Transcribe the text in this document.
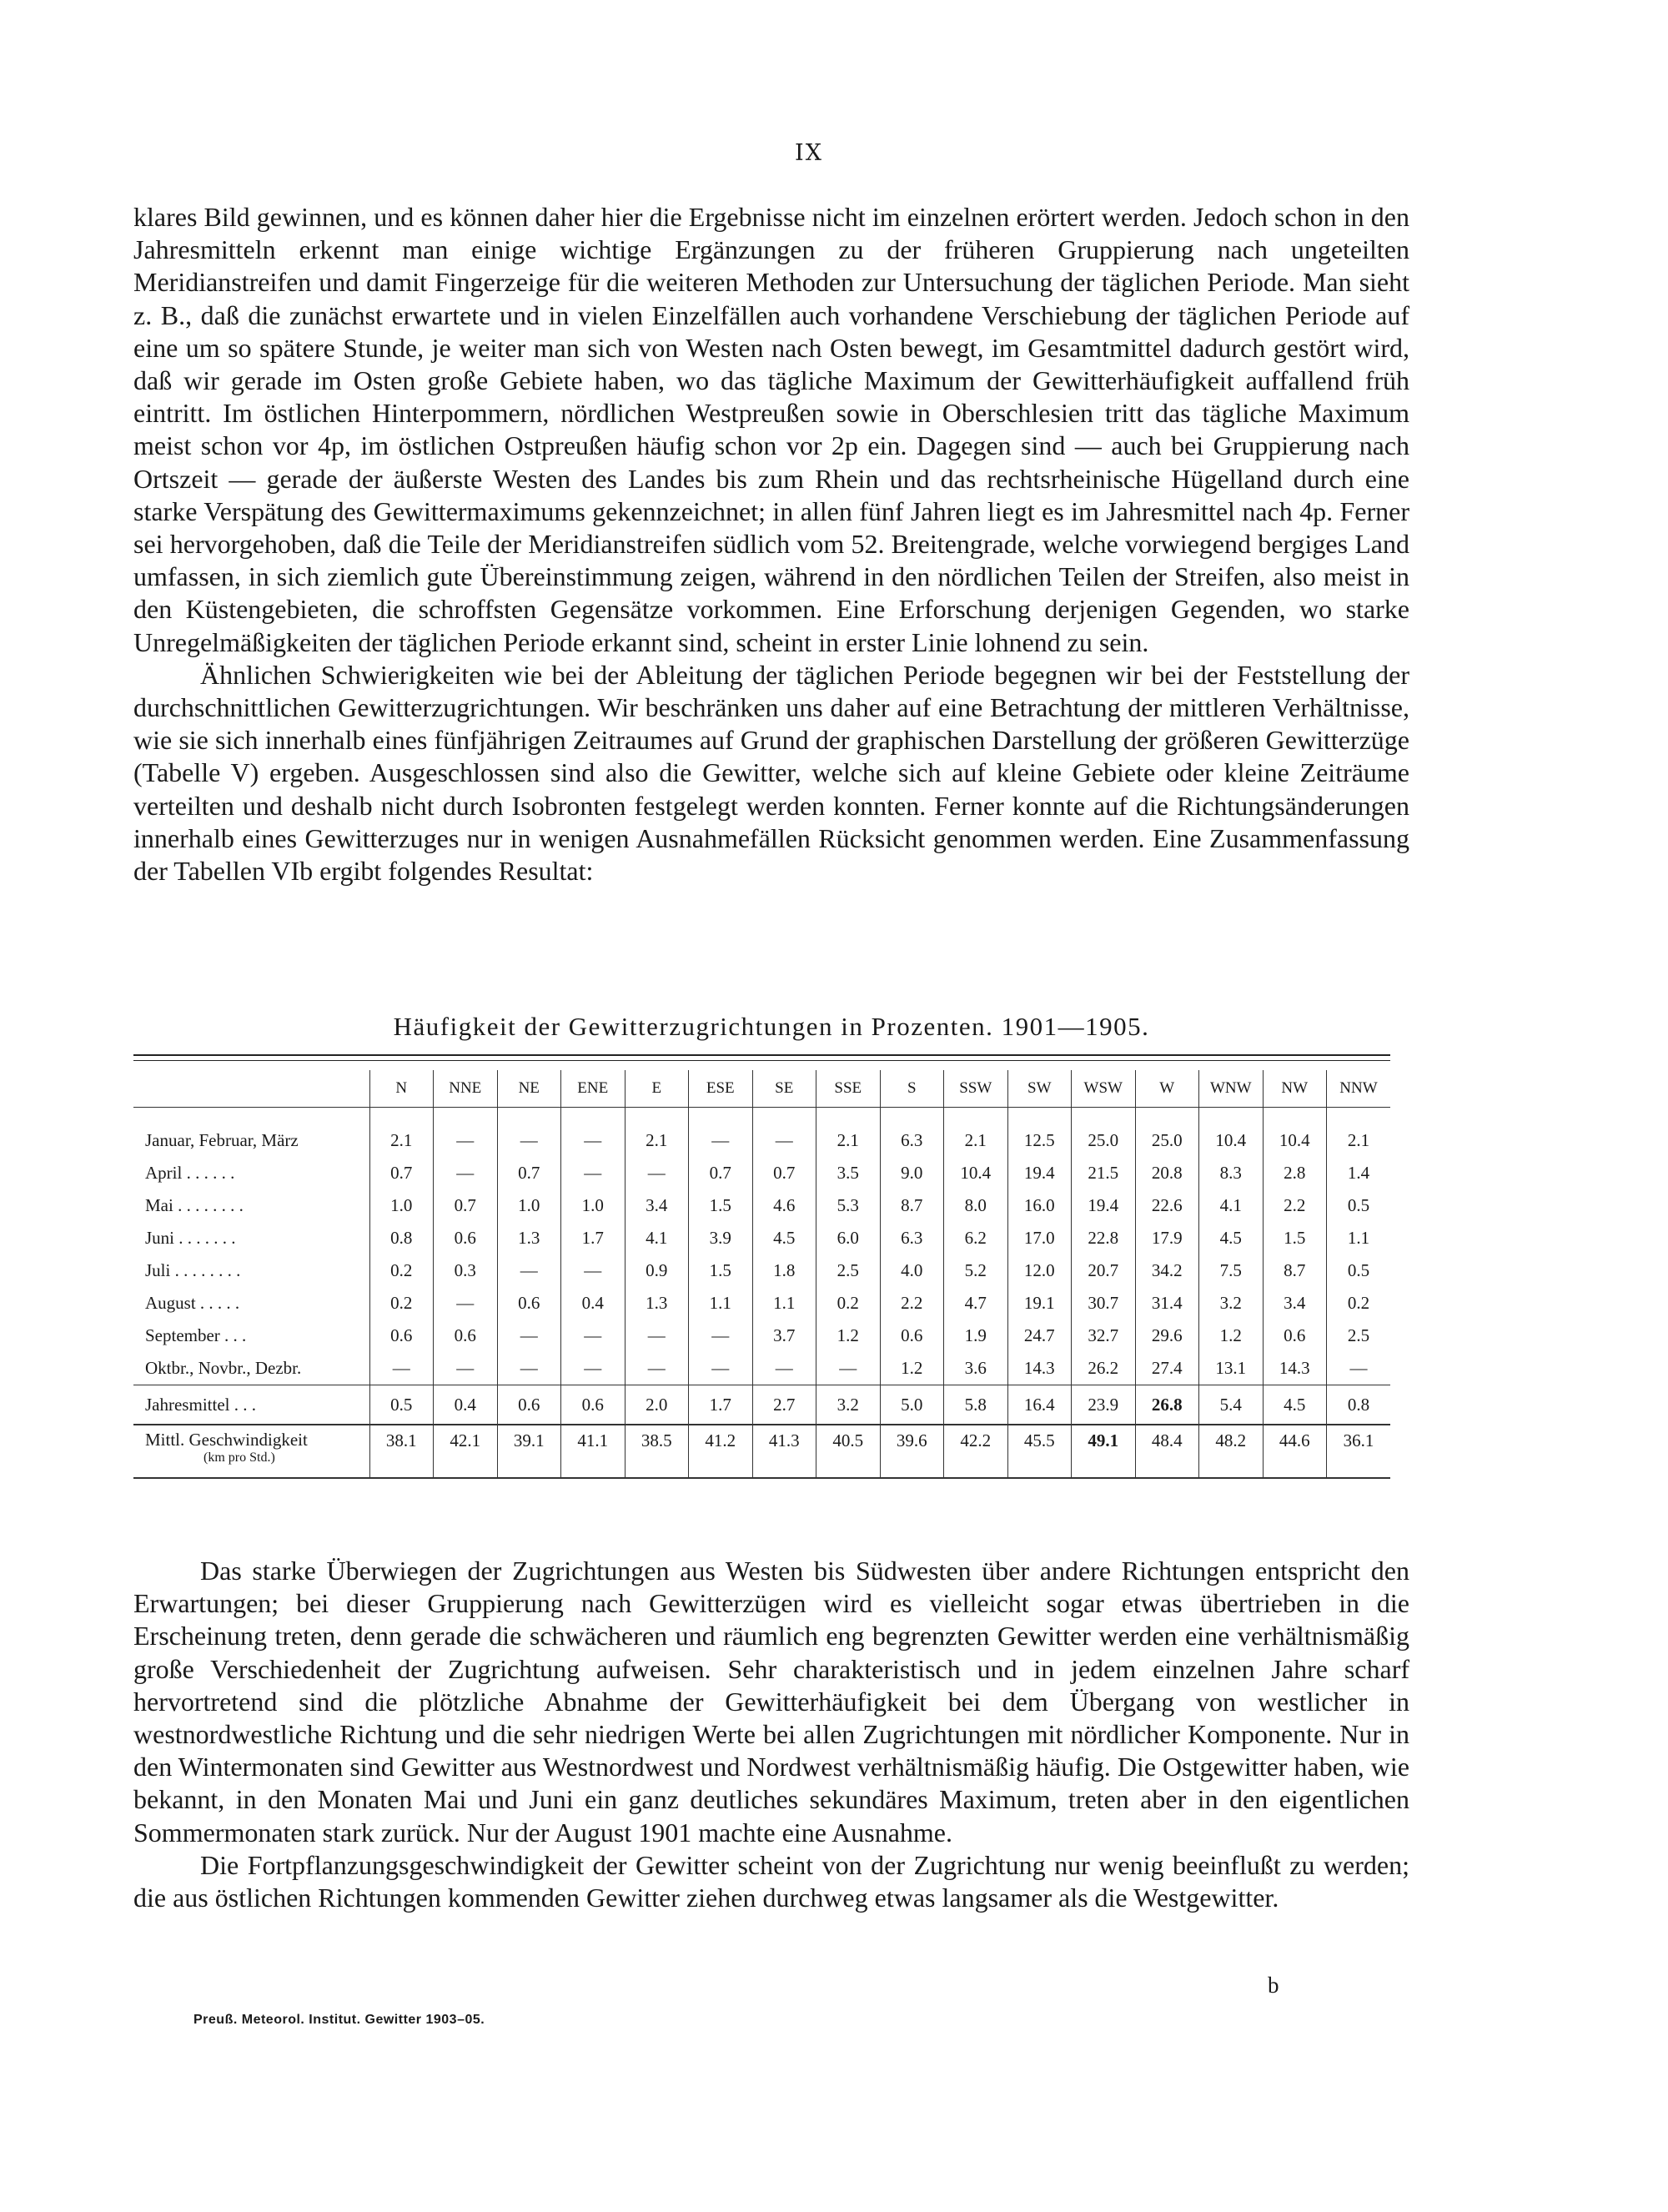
IX

klares Bild gewinnen, und es können daher hier die Ergebnisse nicht im einzelnen erörtert werden. Jedoch schon in den Jahresmitteln erkennt man einige wichtige Ergänzungen zu der früheren Gruppierung nach ungeteilten Meridianstreifen und damit Fingerzeige für die weiteren Methoden zur Untersuchung der täglichen Periode. Man sieht z. B., daß die zunächst erwartete und in vielen Einzelfällen auch vorhandene Verschiebung der täglichen Periode auf eine um so spätere Stunde, je weiter man sich von Westen nach Osten bewegt, im Gesamtmittel dadurch gestört wird, daß wir gerade im Osten große Gebiete haben, wo das tägliche Maximum der Gewitterhäufigkeit auffallend früh eintritt. Im östlichen Hinterpommern, nördlichen Westpreußen sowie in Oberschlesien tritt das tägliche Maximum meist schon vor 4p, im östlichen Ostpreußen häufig schon vor 2p ein. Dagegen sind — auch bei Gruppierung nach Ortszeit — gerade der äußerste Westen des Landes bis zum Rhein und das rechtsrheinische Hügelland durch eine starke Verspätung des Gewittermaximums gekennzeichnet; in allen fünf Jahren liegt es im Jahresmittel nach 4p. Ferner sei hervorgehoben, daß die Teile der Meridianstreifen südlich vom 52. Breitengrade, welche vorwiegend bergiges Land umfassen, in sich ziemlich gute Übereinstimmung zeigen, während in den nördlichen Teilen der Streifen, also meist in den Küstengebieten, die schroffsten Gegensätze vorkommen. Eine Erforschung derjenigen Gegenden, wo starke Unregelmäßigkeiten der täglichen Periode erkannt sind, scheint in erster Linie lohnend zu sein.

Ähnlichen Schwierigkeiten wie bei der Ableitung der täglichen Periode begegnen wir bei der Feststellung der durchschnittlichen Gewitterzugrichtungen. Wir beschränken uns daher auf eine Betrachtung der mittleren Verhältnisse, wie sie sich innerhalb eines fünfjährigen Zeitraumes auf Grund der graphischen Darstellung der größeren Gewitterzüge (Tabelle V) ergeben. Ausgeschlossen sind also die Gewitter, welche sich auf kleine Gebiete oder kleine Zeiträume verteilten und deshalb nicht durch Isobronten festgelegt werden konnten. Ferner konnte auf die Richtungsänderungen innerhalb eines Gewitterzuges nur in wenigen Ausnahmefällen Rücksicht genommen werden. Eine Zusammenfassung der Tabellen VIb ergibt folgendes Resultat:

Häufigkeit der Gewitterzugrichtungen in Prozenten. 1901—1905.
	N	NNE	NE	ENE	E	ESE	SE	SSE	S	SSW	SW	WSW	W	WNW	NW	NNW
Januar, Februar, März	2.1	—	—	—	2.1	—	—	2.1	6.3	2.1	12.5	25.0	25.0	10.4	10.4	2.1
April . . . . . .	0.7	—	0.7	—	—	0.7	0.7	3.5	9.0	10.4	19.4	21.5	20.8	8.3	2.8	1.4
Mai . . . . . . . .	1.0	0.7	1.0	1.0	3.4	1.5	4.6	5.3	8.7	8.0	16.0	19.4	22.6	4.1	2.2	0.5
Juni . . . . . . .	0.8	0.6	1.3	1.7	4.1	3.9	4.5	6.0	6.3	6.2	17.0	22.8	17.9	4.5	1.5	1.1
Juli . . . . . . . .	0.2	0.3	—	—	0.9	1.5	1.8	2.5	4.0	5.2	12.0	20.7	34.2	7.5	8.7	0.5
August . . . . .	0.2	—	0.6	0.4	1.3	1.1	1.1	0.2	2.2	4.7	19.1	30.7	31.4	3.2	3.4	0.2
September . . .	0.6	0.6	—	—	—	—	3.7	1.2	0.6	1.9	24.7	32.7	29.6	1.2	0.6	2.5
Oktbr., Novbr., Dezbr.	—	—	—	—	—	—	—	—	1.2	3.6	14.3	26.2	27.4	13.1	14.3	—
Jahresmittel . . .	0.5	0.4	0.6	0.6	2.0	1.7	2.7	3.2	5.0	5.8	16.4	23.9	26.8	5.4	4.5	0.8
Mittl. Geschwindigkeit
(km pro Std.)	38.1	42.1	39.1	41.1	38.5	41.2	41.3	40.5	39.6	42.2	45.5	49.1	48.4	48.2	44.6	36.1

Das starke Überwiegen der Zugrichtungen aus Westen bis Südwesten über andere Richtungen entspricht den Erwartungen; bei dieser Gruppierung nach Gewitterzügen wird es vielleicht sogar etwas übertrieben in die Erscheinung treten, denn gerade die schwächeren und räumlich eng begrenzten Gewitter werden eine verhältnismäßig große Verschiedenheit der Zugrichtung aufweisen. Sehr charakteristisch und in jedem einzelnen Jahre scharf hervortretend sind die plötzliche Abnahme der Gewitterhäufigkeit bei dem Übergang von westlicher in westnordwestliche Richtung und die sehr niedrigen Werte bei allen Zugrichtungen mit nördlicher Komponente. Nur in den Wintermonaten sind Gewitter aus Westnordwest und Nordwest verhältnismäßig häufig. Die Ostgewitter haben, wie bekannt, in den Monaten Mai und Juni ein ganz deutliches sekundäres Maximum, treten aber in den eigentlichen Sommermonaten stark zurück. Nur der August 1901 machte eine Ausnahme.

Die Fortpflanzungsgeschwindigkeit der Gewitter scheint von der Zugrichtung nur wenig beeinflußt zu werden; die aus östlichen Richtungen kommenden Gewitter ziehen durchweg etwas langsamer als die Westgewitter.

b
Preuß. Meteorol. Institut. Gewitter 1903–05.
